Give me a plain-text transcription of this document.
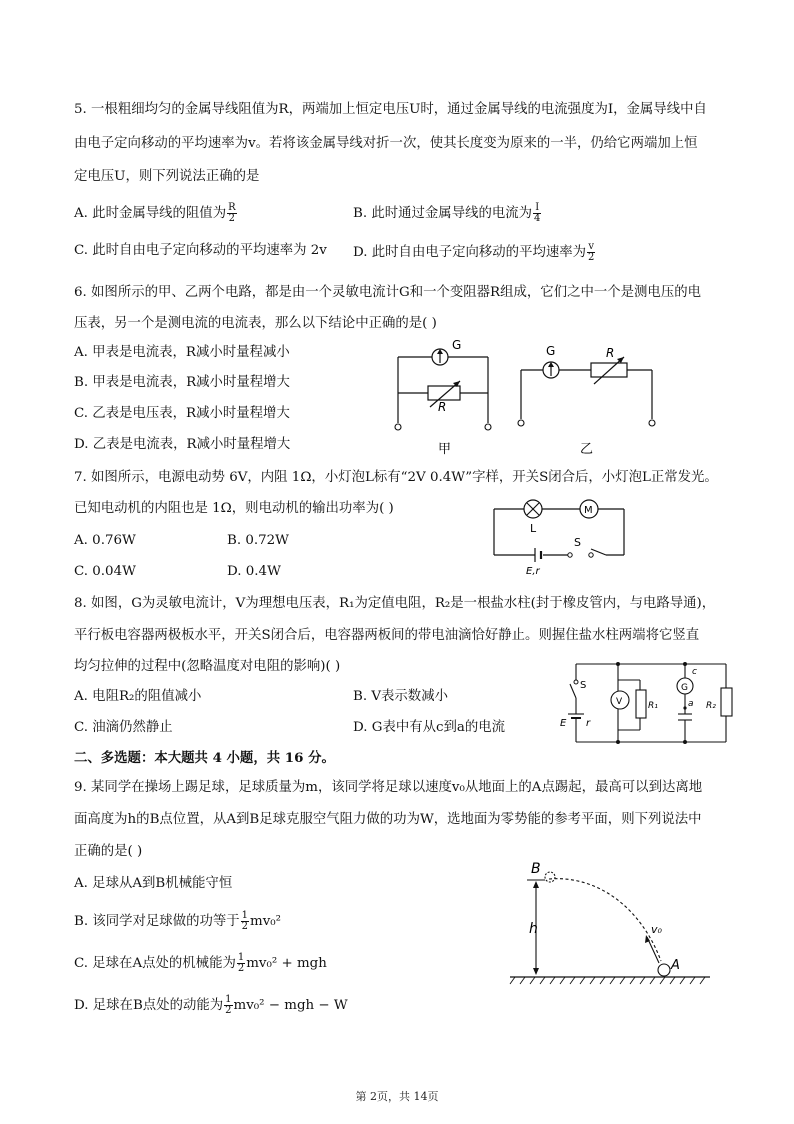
5. 一根粗细均匀的金属导线阻值为R，两端加上恒定电压U时，通过金属导线的电流强度为I，金属导线中自
由电子定向移动的平均速率为v。若将该金属导线对折一次，使其长度变为原来的一半，仍给它两端加上恒
定电压U，则下列说法正确的是
A. 此时金属导线的阻值为 $\frac{R}{2}$	B. 此时通过金属导线的电流为 $\frac{I}{4}$
C. 此时自由电子定向移动的平均速率为 2v D. 此时自由电子定向移动的平均速率为 $\frac{v}{2}$
6. 如图所示的甲、乙两个电路，都是由一个灵敏电流计G和一个变阻器R组成，它们之中一个是测电压的电
压表，另一个是测电流的电流表，那么以下结论中正确的是( )
A. 甲表是电流表，R减小时量程减小
B. 甲表是电流表，R减小时量程增大
C. 乙表是电压表，R减小时量程增大
D. 乙表是电流表，R减小时量程增大
G
R
G	R
甲	乙
7. 如图所示，电源电动势 6V，内阻 1Ω，小灯泡L标有“2V 0.4W”字样，开关S闭合后，小灯泡L正常发光。
已知电动机的内阻也是 1Ω，则电动机的输出功率为( )
A. 0.76W	B. 0.72W
C. 0.04W	D. 0.4W
M
L
S
E,r
8. 如图，G为灵敏电流计，V为理想电压表，R₁为定值电阻，R₂是一根盐水柱(封于橡皮管内，与电路导通)，
平行板电容器两极板水平，开关S闭合后，电容器两板间的带电油滴恰好静止。则握住盐水柱两端将它竖直
均匀拉伸的过程中(忽略温度对电阻的影响)( )
A. 电阻R₂的阻值减小	B. V表示数减小
C. 油滴仍然静止	D. G表中有从c到a的电流
S
V	R₁
G
c
a R₂
E r
二、多选题：本大题共 4 小题，共 16 分。
9. 某同学在操场上踢足球，足球质量为m，该同学将足球以速度v₀从地面上的A点踢起，最高可以到达离地
面高度为h的B点位置，从A到B足球克服空气阻力做的功为W，选地面为零势能的参考平面，则下列说法中
正确的是( )
A. 足球从A到B机械能守恒
B. 该同学对足球做的功等于 $\frac{1}{2} mv_0^2$
C. 足球在A点处的机械能为 $\frac{1}{2} mv_0^2$ + mgh
D. 足球在B点处的动能为 $\frac{1}{2} mv_0^2$ − mgh − W
B
h	v₀
A
第 2页，共 14页
